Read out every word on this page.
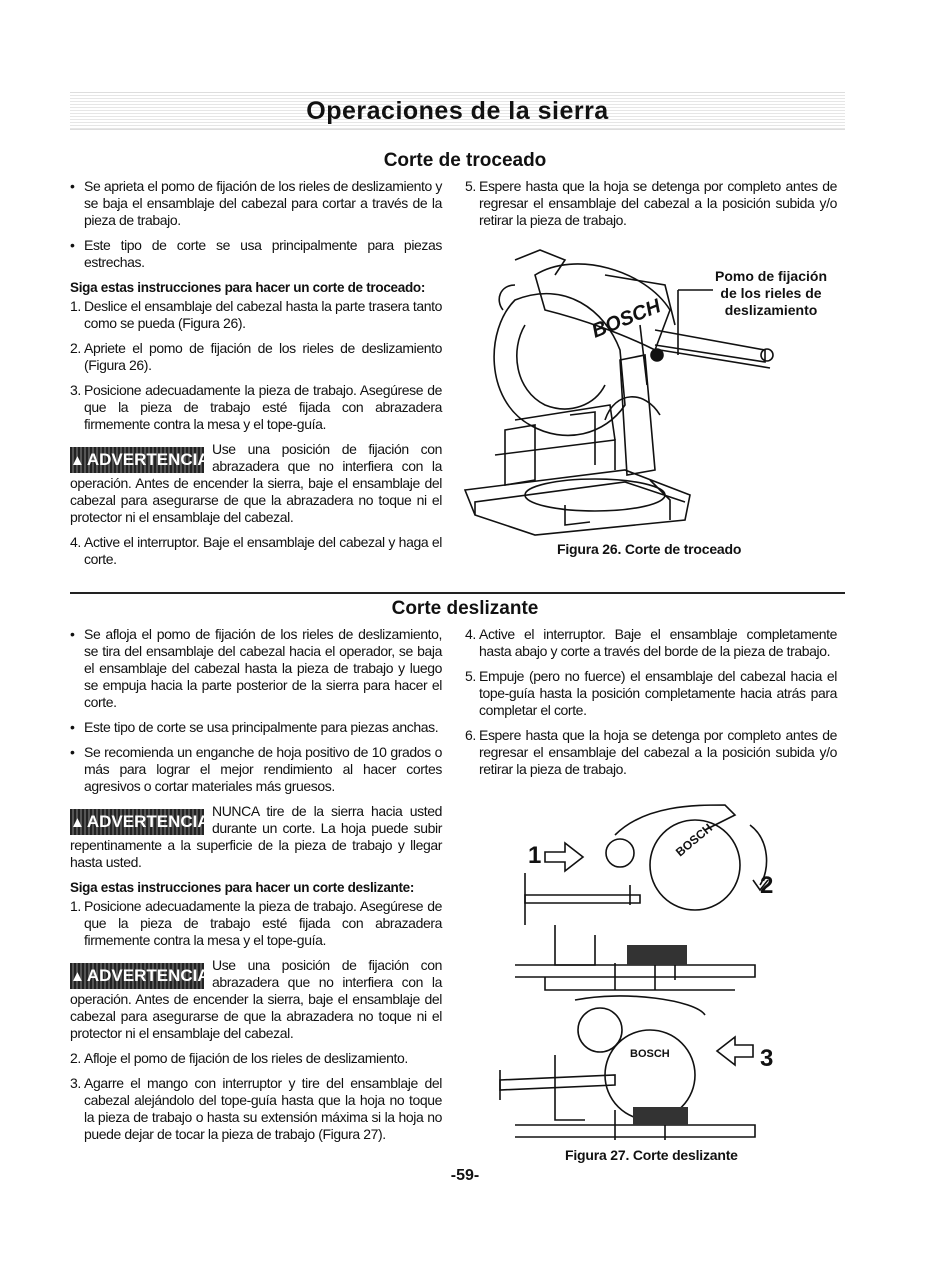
Operaciones de la sierra
Corte de troceado

• Se aprieta el pomo de fijación de los rieles de deslizamiento y se baja el ensamblaje del cabezal para cortar a través de la pieza de trabajo.

• Este tipo de corte se usa principalmente para piezas estrechas.

Siga estas instrucciones para hacer un corte de troceado:

1. Deslice el ensamblaje del cabezal hasta la parte trasera tanto como se pueda (Figura 26).

2. Apriete el pomo de fijación de los rieles de deslizamiento (Figura 26).

3. Posicione adecuadamente la pieza de trabajo. Asegúrese de que la pieza de trabajo esté fijada con abrazadera firmemente contra la mesa y el tope-guía.

▲ ADVERTENCIA
Use una posición de fijación con abrazadera que no interfiera con la operación. Antes de encender la sierra, baje el ensamblaje del cabezal para asegurarse de que la abrazadera no toque ni el protector ni el ensamblaje del cabezal.

4. Active el interruptor. Baje el ensamblaje del cabezal y haga el corte.

5. Espere hasta que la hoja se detenga por completo antes de regresar el ensamblaje del cabezal a la posición subida y/o retirar la pieza de trabajo.

BOSCH
Pomo de fijación
de los rieles de
deslizamiento
Figura 26. Corte de troceado
Corte deslizante

• Se afloja el pomo de fijación de los rieles de deslizamiento, se tira del ensamblaje del cabezal hacia el operador, se baja el ensamblaje del cabezal hasta la pieza de trabajo y luego se empuja hacia la parte posterior de la sierra para hacer el corte.

• Este tipo de corte se usa principalmente para piezas anchas.

• Se recomienda un enganche de hoja positivo de 10 grados o más para lograr el mejor rendimiento al hacer cortes agresivos o cortar materiales más gruesos.

▲ ADVERTENCIA
NUNCA tire de la sierra hacia usted durante un corte. La hoja puede subir repentinamente a la superficie de la pieza de trabajo y llegar hasta usted.

Siga estas instrucciones para hacer un corte deslizante:

1. Posicione adecuadamente la pieza de trabajo. Asegúrese de que la pieza de trabajo esté fijada con abrazadera firmemente contra la mesa y el tope-guía.

▲ ADVERTENCIA
Use una posición de fijación con abrazadera que no interfiera con la operación. Antes de encender la sierra, baje el ensamblaje del cabezal para asegurarse de que la abrazadera no toque ni el protector ni el ensamblaje del cabezal.

2. Afloje el pomo de fijación de los rieles de deslizamiento.

3. Agarre el mango con interruptor y tire del ensamblaje del cabezal alejándolo del tope-guía hasta que la hoja no toque la pieza de trabajo o hasta su extensión máxima si la hoja no puede dejar de tocar la pieza de trabajo (Figura 27).

4. Active el interruptor. Baje el ensamblaje completamente hasta abajo y corte a través del borde de la pieza de trabajo.

5. Empuje (pero no fuerce) el ensamblaje del cabezal hacia el tope-guía hasta la posición completamente hacia atrás para completar el corte.

6. Espere hasta que la hoja se detenga por completo antes de regresar el ensamblaje del cabezal a la posición subida y/o retirar la pieza de trabajo.

BOSCH
BOSCH
1
2
3
Figura 27. Corte deslizante
-59-
